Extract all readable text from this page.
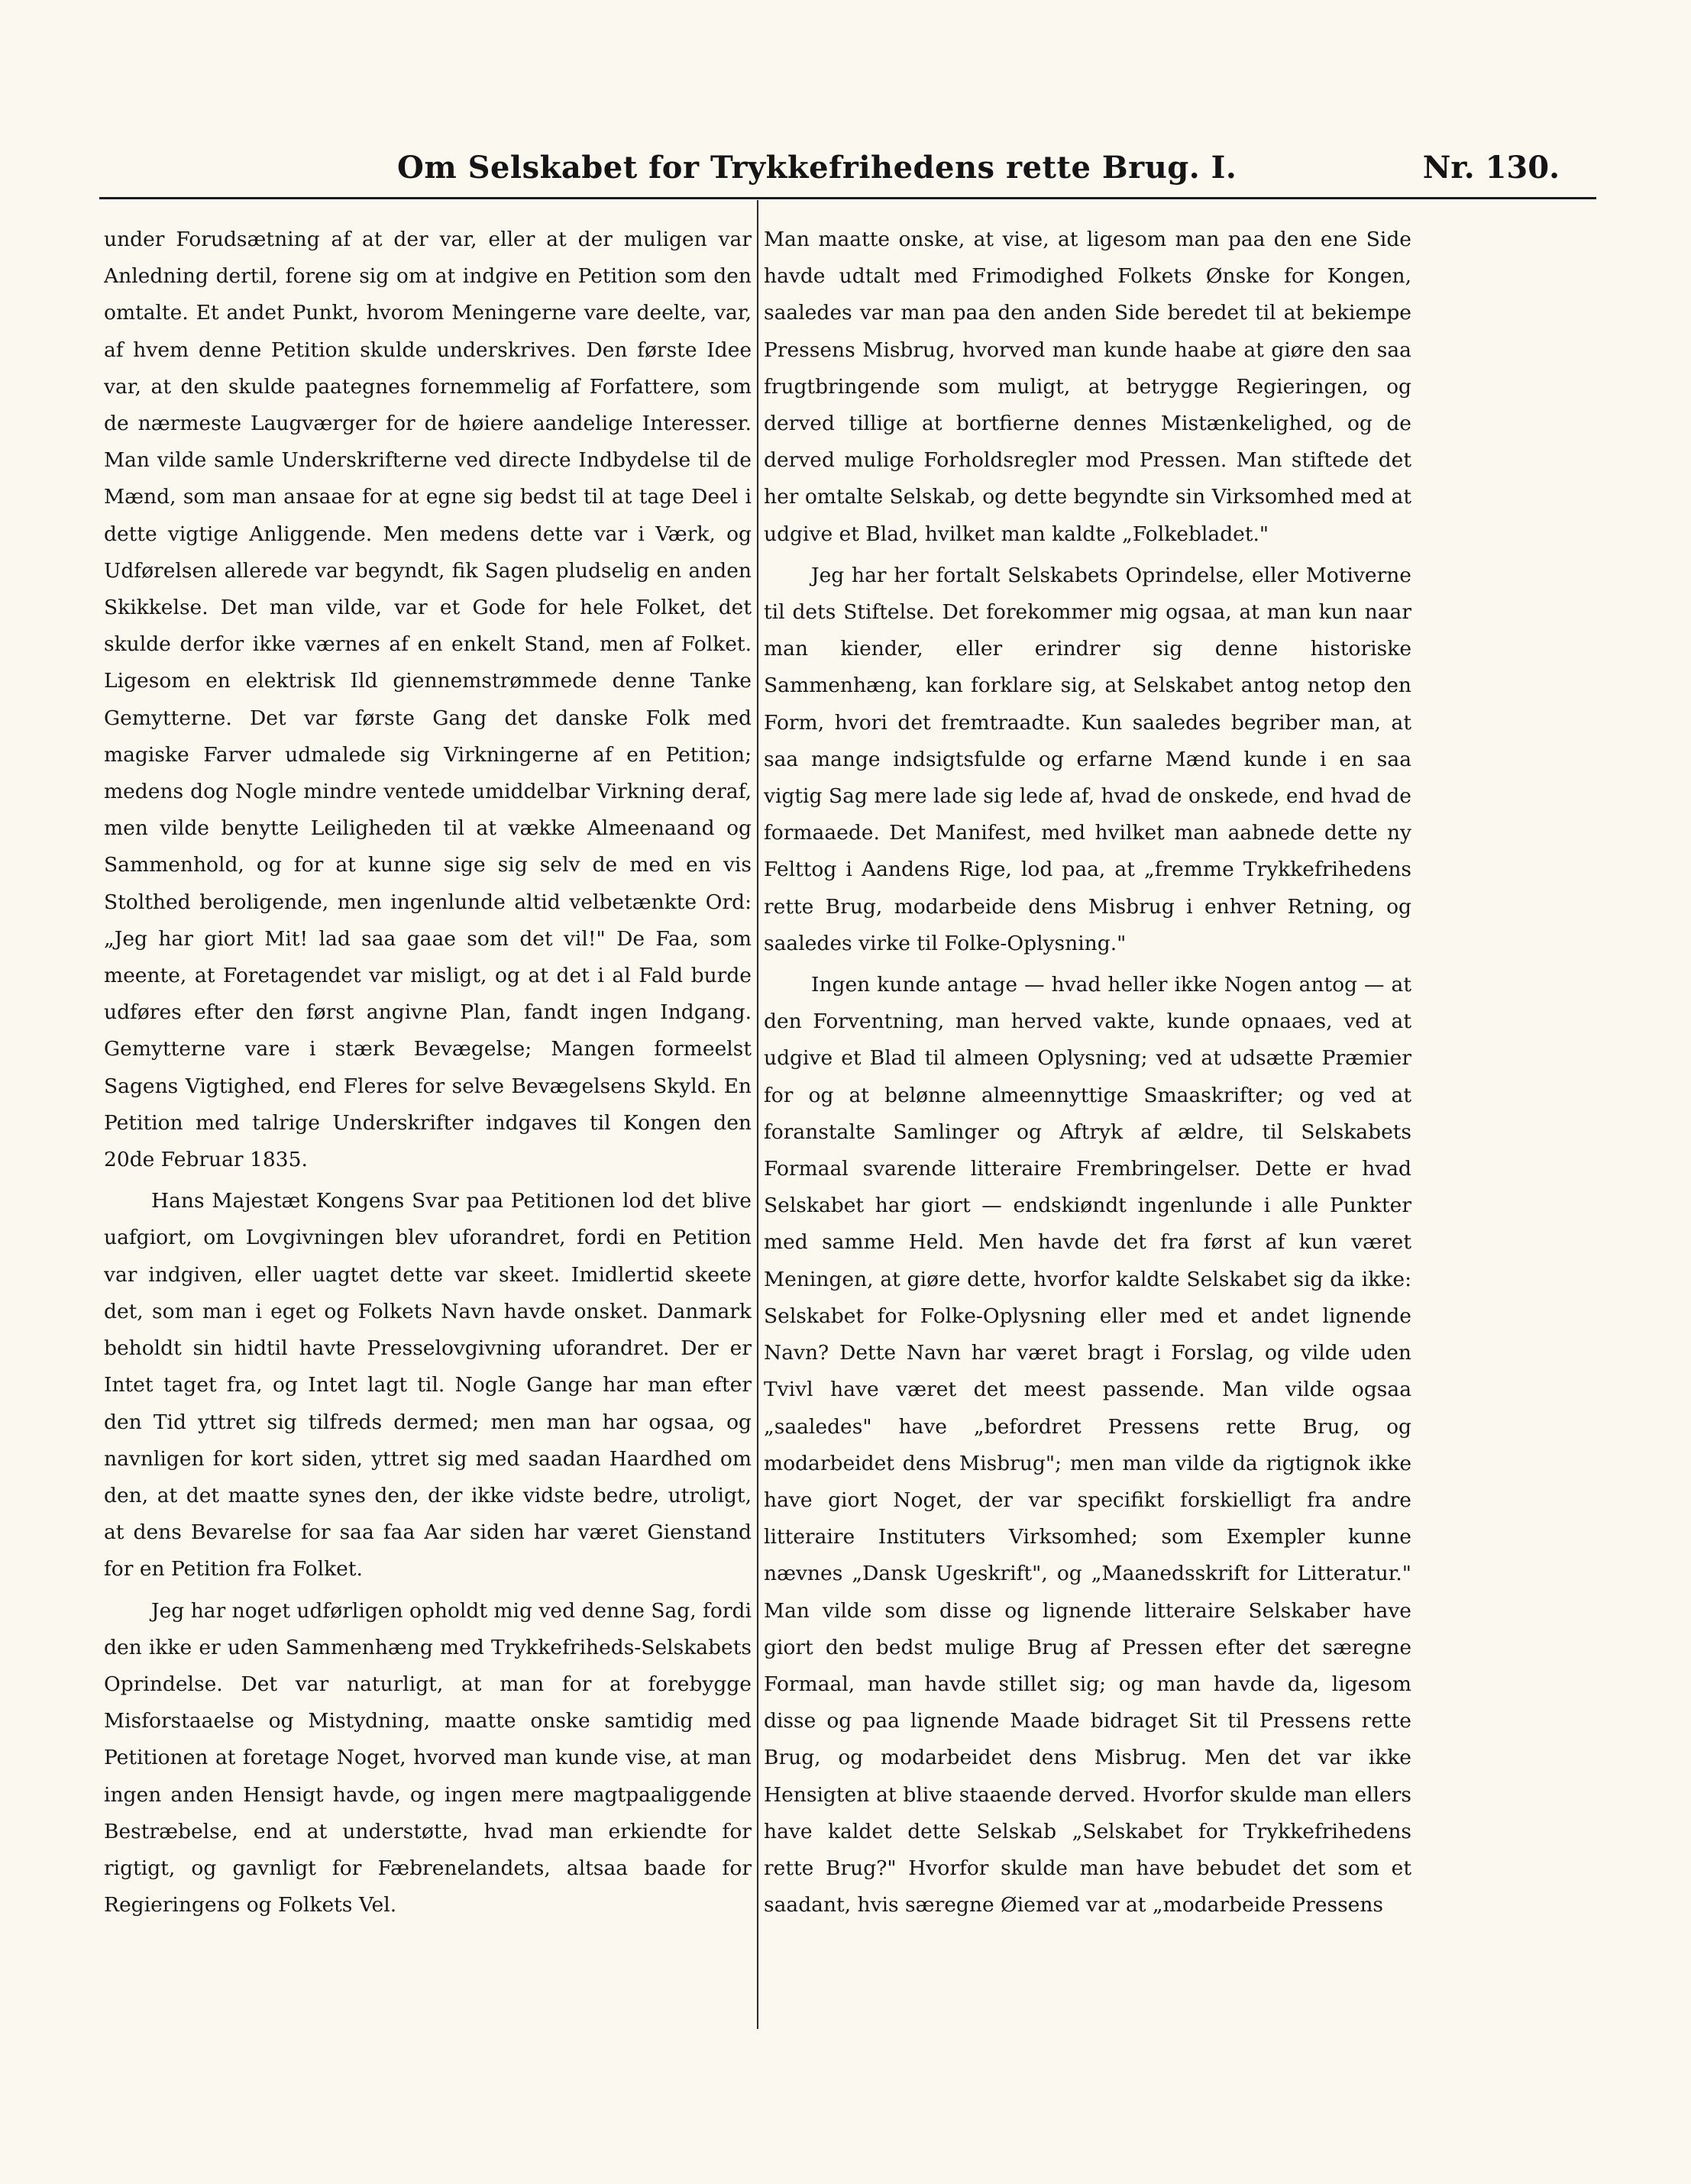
Om Selskabet for Trykkefrihedens rette Brug. I.	Nr. 130.

under Forudsætning af at der var, eller at der muligen var Anledning dertil, forene sig om at indgive en Petition som den omtalte. Et andet Punkt, hvorom Meningerne vare deelte, var, af hvem denne Petition skulde underskrives. Den første Idee var, at den skulde paategnes fornemmelig af Forfattere, som de nærmeste Laugværger for de høiere aandelige Interesser. Man vilde samle Underskrifterne ved directe Indbydelse til de Mænd, som man ansaae for at egne sig bedst til at tage Deel i dette vigtige Anliggende. Men medens dette var i Værk, og Udførelsen allerede var begyndt, fik Sagen pludselig en anden Skikkelse. Det man vilde, var et Gode for hele Folket, det skulde derfor ikke værnes af en enkelt Stand, men af Folket. Ligesom en elektrisk Ild giennemstrømmede denne Tanke Gemytterne. Det var første Gang det danske Folk med magiske Farver udmalede sig Virkningerne af en Petition; medens dog Nogle mindre ventede umiddelbar Virkning deraf, men vilde benytte Leiligheden til at vække Almeenaand og Sammenhold, og for at kunne sige sig selv de med en vis Stolthed beroligende, men ingenlunde altid velbetænkte Ord: „Jeg har giort Mit! lad saa gaae som det vil!" De Faa, som meente, at Foretagendet var misligt, og at det i al Fald burde udføres efter den først angivne Plan, fandt ingen Indgang. Gemytterne vare i stærk Bevægelse; Mangen formeelst Sagens Vigtighed, end Fleres for selve Bevægelsens Skyld. En Petition med talrige Underskrifter indgaves til Kongen den 20de Februar 1835.

Hans Majestæt Kongens Svar paa Petitionen lod det blive uafgiort, om Lovgivningen blev uforandret, fordi en Petition var indgiven, eller uagtet dette var skeet. Imidlertid skeete det, som man i eget og Folkets Navn havde onsket. Danmark beholdt sin hidtil havte Presselovgivning uforandret. Der er Intet taget fra, og Intet lagt til. Nogle Gange har man efter den Tid yttret sig tilfreds dermed; men man har ogsaa, og navnligen for kort siden, yttret sig med saadan Haardhed om den, at det maatte synes den, der ikke vidste bedre, utroligt, at dens Bevarelse for saa faa Aar siden har været Gienstand for en Petition fra Folket.

Jeg har noget udførligen opholdt mig ved denne Sag, fordi den ikke er uden Sammenhæng med Trykkefriheds-Selskabets Oprindelse. Det var naturligt, at man for at forebygge Misforstaaelse og Mistydning, maatte onske samtidig med Petitionen at foretage Noget, hvorved man kunde vise, at man ingen anden Hensigt havde, og ingen mere magtpaaliggende Bestræbelse, end at understøtte, hvad man erkiendte for rigtigt, og gavnligt for Fæbrenelandets, altsaa baade for Regieringens og Folkets Vel.

Man maatte onske, at vise, at ligesom man paa den ene Side havde udtalt med Frimodighed Folkets Ønske for Kongen, saaledes var man paa den anden Side beredet til at bekiempe Pressens Misbrug, hvorved man kunde haabe at giøre den saa frugtbringende som muligt, at betrygge Regieringen, og derved tillige at bortfierne dennes Mistænkelighed, og de derved mulige Forholdsregler mod Pressen. Man stiftede det her omtalte Selskab, og dette begyndte sin Virksomhed med at udgive et Blad, hvilket man kaldte „Folkebladet."

Jeg har her fortalt Selskabets Oprindelse, eller Motiverne til dets Stiftelse. Det forekommer mig ogsaa, at man kun naar man kiender, eller erindrer sig denne historiske Sammenhæng, kan forklare sig, at Selskabet antog netop den Form, hvori det fremtraadte. Kun saaledes begriber man, at saa mange indsigtsfulde og erfarne Mænd kunde i en saa vigtig Sag mere lade sig lede af, hvad de onskede, end hvad de formaaede. Det Manifest, med hvilket man aabnede dette ny Felttog i Aandens Rige, lod paa, at „fremme Trykkefrihedens rette Brug, modarbeide dens Misbrug i enhver Retning, og saaledes virke til Folke-Oplysning."

Ingen kunde antage — hvad heller ikke Nogen antog — at den Forventning, man herved vakte, kunde opnaaes, ved at udgive et Blad til almeen Oplysning; ved at udsætte Præmier for og at belønne almeennyttige Smaaskrifter; og ved at foranstalte Samlinger og Aftryk af ældre, til Selskabets Formaal svarende litteraire Frembringelser. Dette er hvad Selskabet har giort — endskiøndt ingenlunde i alle Punkter med samme Held. Men havde det fra først af kun været Meningen, at giøre dette, hvorfor kaldte Selskabet sig da ikke: Selskabet for Folke-Oplysning eller med et andet lignende Navn? Dette Navn har været bragt i Forslag, og vilde uden Tvivl have været det meest passende. Man vilde ogsaa „saaledes" have „befordret Pressens rette Brug, og modarbeidet dens Misbrug"; men man vilde da rigtignok ikke have giort Noget, der var specifikt forskielligt fra andre litteraire Instituters Virksomhed; som Exempler kunne nævnes „Dansk Ugeskrift", og „Maanedsskrift for Litteratur." Man vilde som disse og lignende litteraire Selskaber have giort den bedst mulige Brug af Pressen efter det særegne Formaal, man havde stillet sig; og man havde da, ligesom disse og paa lignende Maade bidraget Sit til Pressens rette Brug, og modarbeidet dens Misbrug. Men det var ikke Hensigten at blive staaende derved. Hvorfor skulde man ellers have kaldet dette Selskab „Selskabet for Trykkefrihedens rette Brug?" Hvorfor skulde man have bebudet det som et saadant, hvis særegne Øiemed var at „modarbeide Pressens
